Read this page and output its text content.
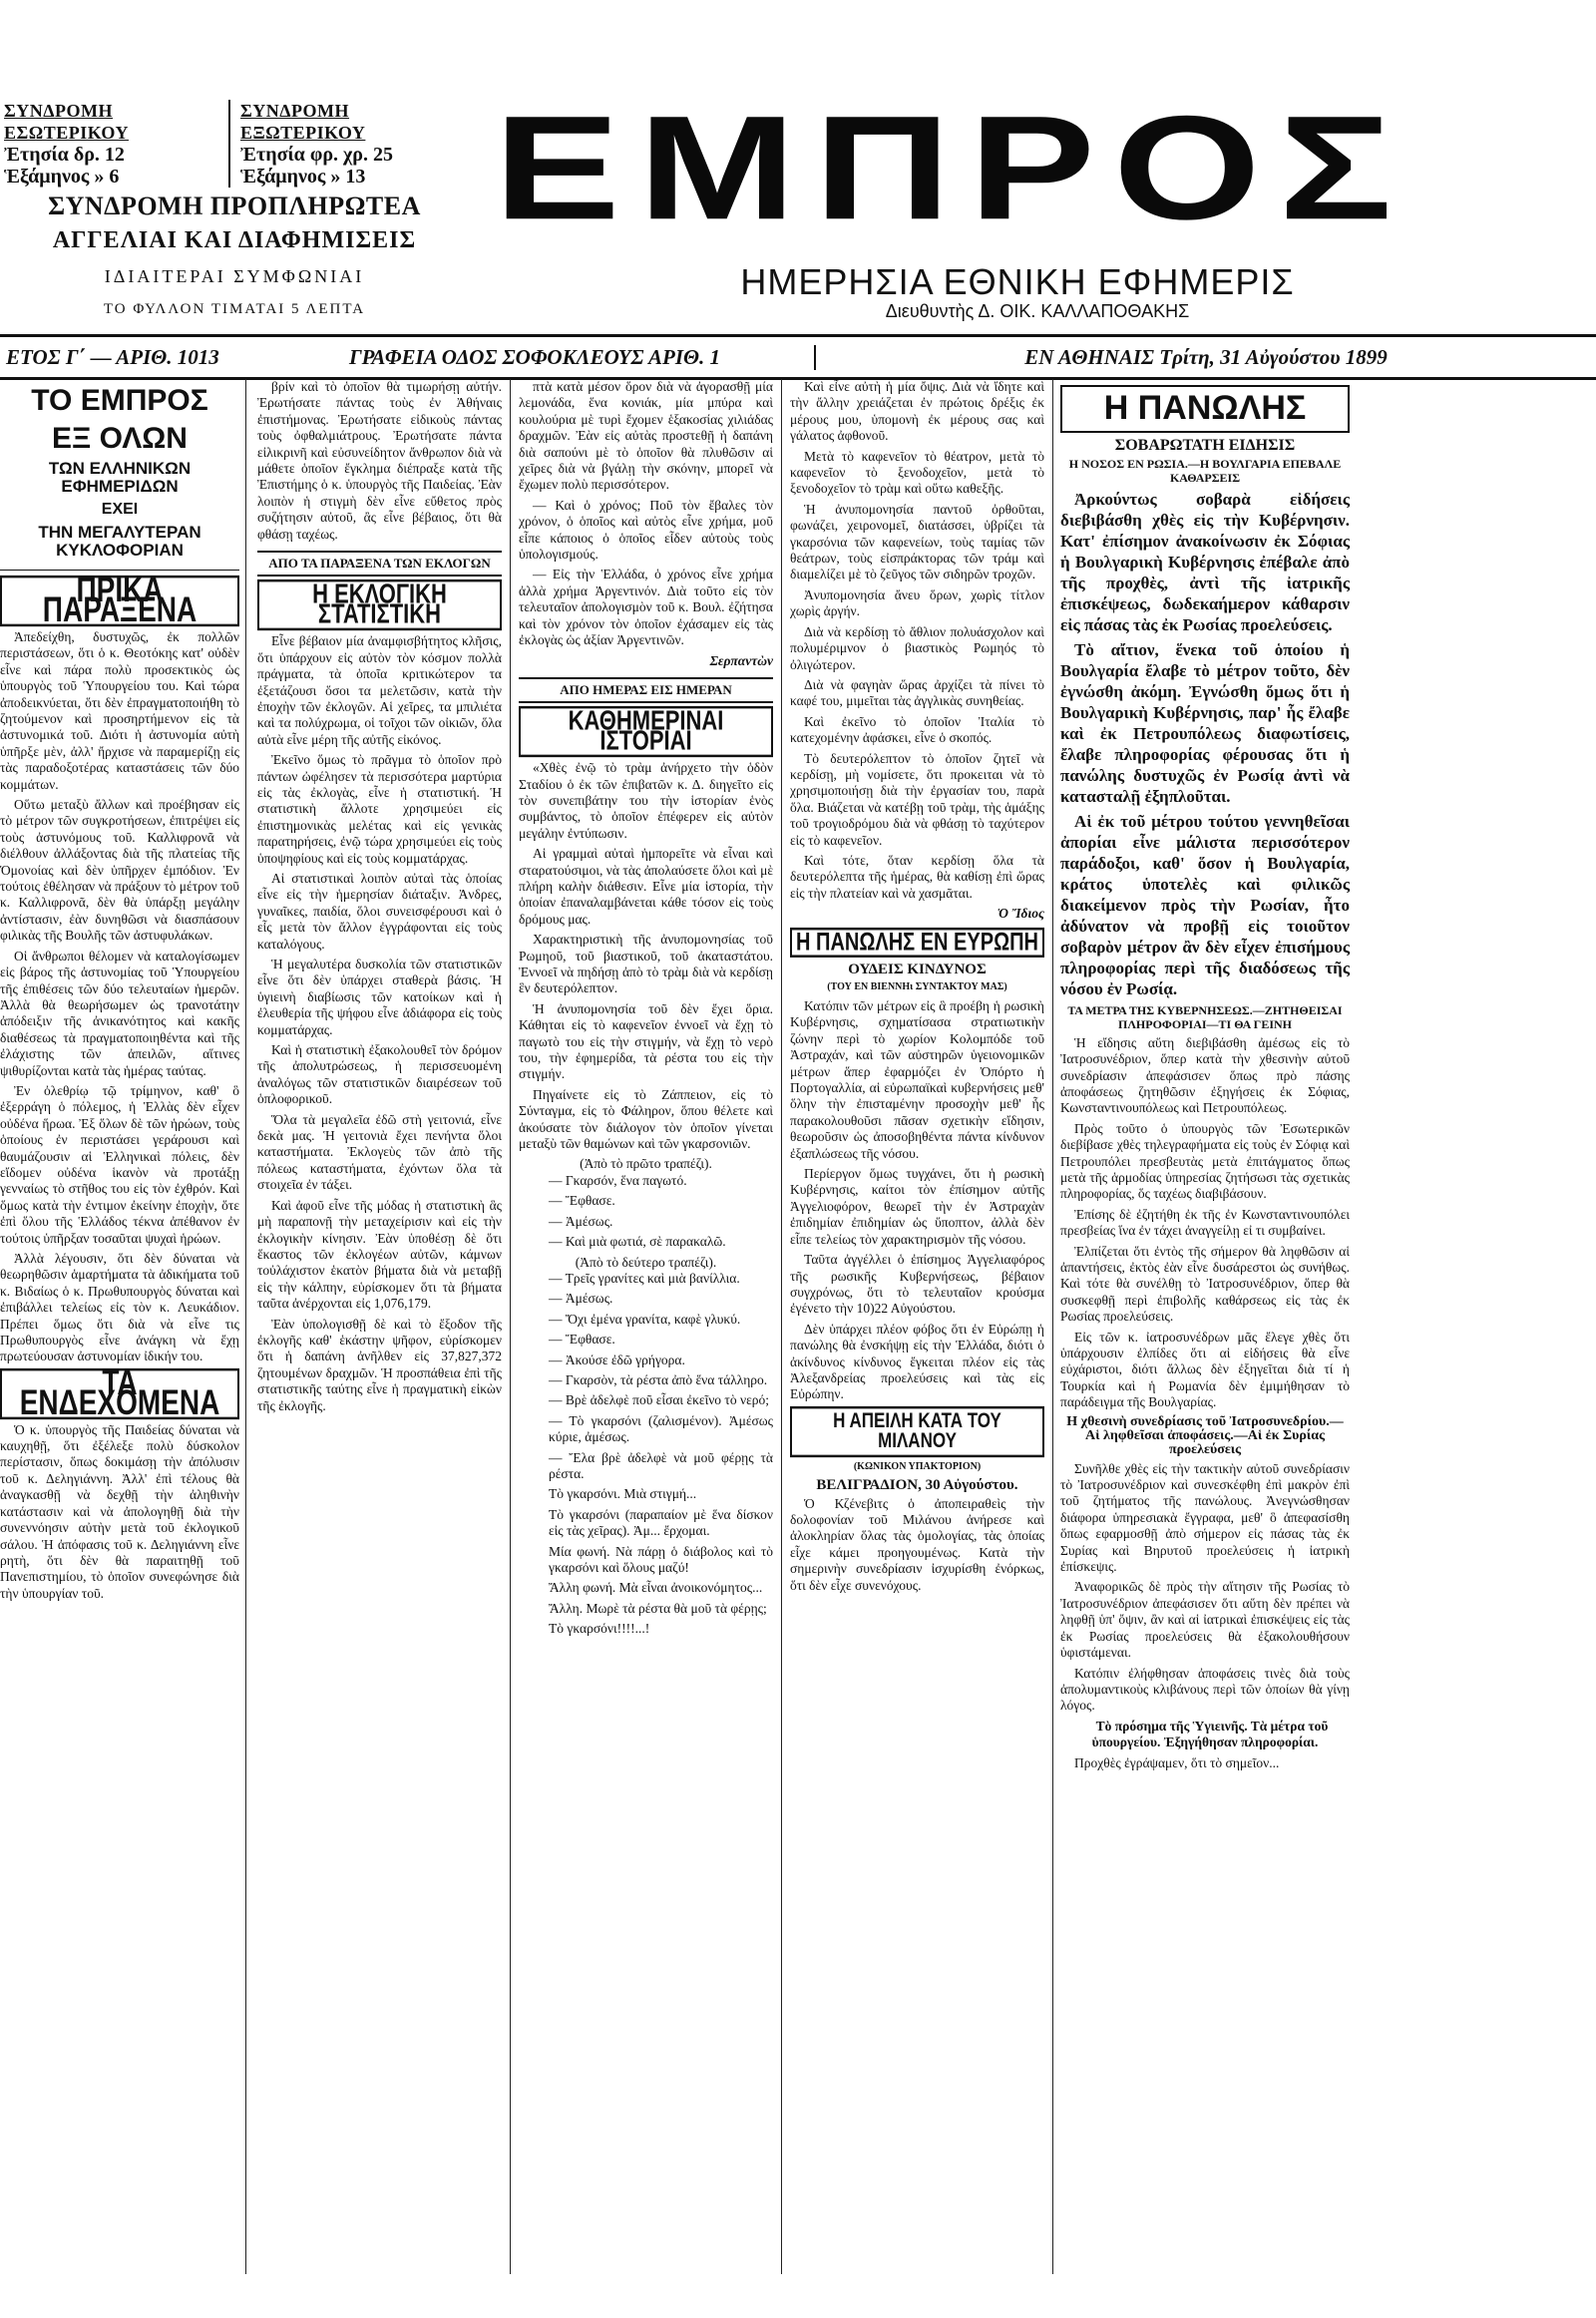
ΣΥΝΔΡΟΜΗ ΕΣΩΤΕΡΙΚΟΥ
Ἐτησία δρ. 12
Ἑξάμηνος » 6
ΣΥΝΔΡΟΜΗ ΕΞΩΤΕΡΙΚΟΥ
Ἐτησία φρ. χρ. 25
Ἑξάμηνος » 13
ΣΥΝΔΡΟΜΗ ΠΡΟΠΛΗΡΩΤΕΑ
ΑΓΓΕΛΙΑΙ ΚΑΙ ΔΙΑΦΗΜΙΣΕΙΣ
ΙΔΙΑΙΤΕΡΑΙ ΣΥΜΦΩΝΙΑΙ
ΤΟ ΦΥΛΛΟΝ ΤΙΜΑΤΑΙ 5 ΛΕΠΤΑ
ΕΜΠΡΟΣ
ΗΜΕΡΗΣΙΑ ΕΘΝΙΚΗ ΕΦΗΜΕΡΙΣ
Διευθυντὴς Δ. ΟΙΚ. ΚΑΛΛΑΠΟΘΑΚΗΣ
ΕΤΟΣ Γ΄ — ΑΡΙΘ. 1013	ΓΡΑΦΕΙΑ ΟΔΟΣ ΣΟΦΟΚΛΕΟΥΣ ΑΡΙΘ. 1	ΕΝ ΑΘΗΝΑΙΣ Τρίτη, 31 Αὐγούστου 1899
ΤΟ ΕΜΠΡΟΣ
ΕΞ ΟΛΩΝ
ΤΩΝ ΕΛΛΗΝΙΚΩΝ ΕΦΗΜΕΡΙΔΩΝ
ΕΧΕΙ
ΤΗΝ ΜΕΓΑΛΥΤΕΡΑΝ ΚΥΚΛΟΦΟΡΙΑΝ
ΠΡΙΚΑ ΠΑΡΑΞΕΝΑ

Ἀπεδείχθη, δυστυχῶς, ἐκ πολλῶν περιστάσεων, ὅτι ὁ κ. Θεοτόκης κατ' οὐδὲν εἶνε καὶ πάρα πολὺ προσεκτικὸς ὡς ὑπουργὸς τοῦ Ὑπουργείου του. Καὶ τώρα ἀποδεικνύεται, ὅτι δὲν ἐπραγματοποιήθη τὸ ζητούμενον καὶ προσηρτήμενον εἰς τὰ ἀστυνομικά τοῦ. Διότι ἡ ἀστυνομία αὐτὴ ὑπῆρξε μὲν, ἀλλ' ἤρχισε νὰ παραμερίζῃ εἰς τὰς παραδοξοτέρας καταστάσεις τῶν δύο κομμάτων.

Οὕτω μεταξὺ ἄλλων καὶ προέβησαν εἰς τὸ μέτρον τῶν συγκροτήσεων, ἐπιτρέψει εἰς τοὺς ἀστυνόμους τοῦ. Καλλιφρονᾶ νὰ διέλθουν ἀλλάξοντας διὰ τῆς πλατείας τῆς Ὁμονοίας καὶ δὲν ὑπῆρχεν ἐμπόδιον. Ἐν τούτοις ἐθέλησαν νὰ πράξουν τὸ μέτρον τοῦ κ. Καλλιφρονᾶ, δὲν θὰ ὑπάρξῃ μεγάλην ἀντίστασιν, ἐὰν δυνηθῶσι νὰ διασπάσουν φιλικὰς τῆς Βουλῆς τῶν ἀστυφυλάκων.

Οἱ ἄνθρωποι θέλομεν νὰ καταλογίσωμεν εἰς βάρος τῆς ἀστυνομίας τοῦ Ὑπουργείου τῆς ἐπιθέσεις τῶν δύο τελευταίων ἡμερῶν. Ἀλλὰ θὰ θεωρήσωμεν ὡς τρανοτάτην ἀπόδειξιν τῆς ἀνικανότητος καὶ κακῆς διαθέσεως τὰ πραγματοποιηθέντα καὶ τῆς ἐλάχιστης τῶν ἀπειλῶν, αἵτινες ψιθυρίζονται κατὰ τὰς ἡμέρας ταύτας.

Ἐν ὀλεθρίῳ τῷ τρίμηνον, καθ' ὃ ἐξερράγη ὁ πόλεμος, ἡ Ἑλλὰς δὲν εἶχεν οὐδένα ἥρωα. Ἐξ ὅλων δὲ τῶν ἡρώων, τοὺς ὁποίους ἐν περιστάσει γεράρουσι καὶ θαυμάζουσιν αἱ Ἑλληνικαὶ πόλεις, δὲν εἴδομεν οὐδένα ἱκανὸν νὰ προτάξῃ γενναίως τὸ στῆθος του εἰς τὸν ἐχθρόν. Καὶ ὅμως κατὰ τὴν ἐντιμον ἐκείνην ἐποχὴν, ὅτε ἐπὶ ὅλου τῆς Ἑλλάδος τέκνα ἀπέθανον ἐν τούτοις ὑπῆρξαν τοσαῦται ψυχαὶ ἡρώων.

Ἀλλὰ λέγουσιν, ὅτι δὲν δύναται νὰ θεωρηθῶσιν ἁμαρτήματα τὰ ἀδικήματα τοῦ κ. Βιδαίως ὁ κ. Πρωθυπουργὸς δύναται καὶ ἐπιβάλλει τελείως εἰς τὸν κ. Λευκάδιον. Πρέπει ὅμως ὅτι διὰ νὰ εἶνε τις Πρωθυπουργὸς εἶνε ἀνάγκη νὰ ἔχῃ πρωτεύουσαν ἀστυνομίαν ἰδικήν του.

ΤΑ ΕΝΔΕΧΟΜΕΝΑ

Ὁ κ. ὑπουργὸς τῆς Παιδείας δύναται νὰ καυχηθῇ, ὅτι ἐξέλεξε πολὺ δύσκολον περίστασιν, ὅπως δοκιμάσῃ τὴν ἀπόλυσιν τοῦ κ. Δεληγιάννη. Ἀλλ' ἐπὶ τέλους θὰ ἀναγκασθῇ νὰ δεχθῇ τὴν ἀληθινὴν κατάστασιν καὶ νὰ ἀπολογηθῇ διὰ τὴν συνεννόησιν αὐτὴν μετὰ τοῦ ἐκλογικοῦ σάλου. Ἡ ἀπόφασις τοῦ κ. Δεληγιάννη εἶνε ρητὴ, ὅτι δὲν θὰ παραιτηθῇ τοῦ Πανεπιστημίου, τὸ ὁποῖον συνεφώνησε διὰ τὴν ὑπουργίαν τοῦ.

βρίν καὶ τὸ ὁποῖον θὰ τιμωρήσῃ αὐτήν. Ἐρωτήσατε πάντας τοὺς ἐν Ἀθήναις ἐπιστήμονας. Ἐρωτήσατε εἰδικοὺς πάντας τοὺς ὀφθαλμιάτρους. Ἐρωτήσατε πάντα εἰλικρινῆ καὶ εὐσυνείδητον ἄνθρωπον διὰ νὰ μάθετε ὁποῖον ἔγκλημα διέπραξε κατὰ τῆς Ἐπιστήμης ὁ κ. ὑπουργὸς τῆς Παιδείας. Ἐὰν λοιπὸν ἡ στιγμὴ δὲν εἶνε εὔθετος πρὸς συζήτησιν αὐτοῦ, ἂς εἶνε βέβαιος, ὅτι θὰ φθάσῃ ταχέως.

ΑΠΟ ΤΑ ΠΑΡΑΞΕΝΑ ΤΩΝ ΕΚΛΟΓΩΝ
Η ΕΚΛΟΓΙΚΗ ΣΤΑΤΙΣΤΙΚΗ

Εἶνε βέβαιον μία ἀναμφισβήτητος κλῆσις, ὅτι ὑπάρχουν εἰς αὐτὸν τὸν κόσμον πολλὰ πράγματα, τὰ ὁποῖα κριτικώτερον τα ἐξετάζουσι ὅσοι τα μελετῶσιν, κατὰ τὴν ἐποχὴν τῶν ἐκλογῶν. Αἱ χεῖρες, τα μπιλιέτα καὶ τα πολύχρωμα, οἱ τοῖχοι τῶν οἰκιῶν, ὅλα αὐτὰ εἶνε μέρη τῆς αὐτῆς εἰκόνος.

Ἐκεῖνο ὅμως τὸ πρᾶγμα τὸ ὁποῖον πρὸ πάντων ὠφέλησεν τὰ περισσότερα μαρτύρια εἰς τὰς ἐκλογὰς, εἶνε ἡ στατιστική. Ἡ στατιστικὴ ἄλλοτε χρησιμεύει εἰς ἐπιστημονικὰς μελέτας καὶ εἰς γενικὰς παρατηρήσεις, ἐνῷ τώρα χρησιμεύει εἰς τοὺς ὑποψηφίους καὶ εἰς τοὺς κομματάρχας.

Αἱ στατιστικαὶ λοιπὸν αὐταὶ τὰς ὁποίας εἶνε εἰς τὴν ἡμερησίαν διάταξιν. Ἀνδρες, γυναῖκες, παιδία, ὅλοι συνεισφέρουσι καὶ ὁ εἷς μετὰ τὸν ἄλλον ἐγγράφονται εἰς τοὺς καταλόγους.

Ἡ μεγαλυτέρα δυσκολία τῶν στατιστικῶν εἶνε ὅτι δὲν ὑπάρχει σταθερὰ βάσις. Ἡ ὑγιεινὴ διαβίωσις τῶν κατοίκων καὶ ἡ ἐλευθερία τῆς ψήφου εἶνε ἀδιάφορα εἰς τοὺς κομματάρχας.

Καὶ ἡ στατιστικὴ ἐξακολουθεῖ τὸν δρόμον τῆς ἀπολυτρώσεως, ἡ περισσευομένη ἀναλόγως τῶν στατιστικῶν διαιρέσεων τοῦ ὁπλοφορικοῦ.

Ὅλα τὰ μεγαλεῖα ἐδῶ στὴ γειτονιά, εἶνε δεκὰ μας. Ἡ γειτονιὰ ἔχει πενήντα ὅλοι καταστήματα. Ἐκλογεὺς τῶν ἀπὸ τῆς πόλεως καταστήματα, ἐχόντων ὅλα τὰ στοιχεῖα ἐν τάξει.

Καὶ ἀφοῦ εἶνε τῆς μόδας ἡ στατιστικὴ ἃς μὴ παραπονῇ τὴν μεταχείρισιν καὶ εἰς τὴν ἐκλογικὴν κίνησιν. Ἐὰν ὑποθέσῃ δὲ ὅτι ἕκαστος τῶν ἐκλογέων αὐτῶν, κάμνων τοὐλάχιστον ἑκατὸν βήματα διὰ νὰ μεταβῇ εἰς τὴν κάλπην, εὑρίσκομεν ὅτι τὰ βήματα ταῦτα ἀνέρχονται εἰς 1,076,179.

Ἐὰν ὑπολογισθῇ δὲ καὶ τὸ ἔξοδον τῆς ἐκλογῆς καθ' ἑκάστην ψῆφον, εὑρίσκομεν ὅτι ἡ δαπάνη ἀνῆλθεν εἰς 37,827,372 ζητουμένων δραχμῶν. Ἡ προσπάθεια ἐπὶ τῆς στατιστικῆς ταύτης εἶνε ἡ πραγματικὴ εἰκὼν τῆς ἐκλογῆς.

πτὰ κατὰ μέσον ὅρον διὰ νὰ ἀγορασθῇ μία λεμονάδα, ἕνα κονιάκ, μία μπύρα καὶ κουλούρια μὲ τυρὶ ἔχομεν ἑξακοσίας χιλιάδας δραχμῶν. Ἐὰν εἰς αὐτὰς προστεθῇ ἡ δαπάνη διὰ σαπούνι μὲ τὸ ὁποῖον θὰ πλυθῶσιν αἱ χεῖρες διὰ νὰ βγάλῃ τὴν σκόνην, μπορεῖ νὰ ἔχωμεν πολὺ περισσότερον.

— Καὶ ὁ χρόνος; Ποῦ τὸν ἔβαλες τὸν χρόνον, ὁ ὁποῖος καὶ αὐτὸς εἶνε χρήμα, μοῦ εἶπε κάποιος ὁ ὁποῖος εἶδεν αὐτοὺς τοὺς ὑπολογισμούς.

— Εἰς τὴν Ἑλλάδα, ὁ χρόνος εἶνε χρήμα ἀλλὰ χρήμα Ἀργεντινόν. Διὰ τοῦτο εἰς τὸν τελευταῖον ἀπολογισμὸν τοῦ κ. Βουλ. ἐζήτησα καὶ τὸν χρόνον τὸν ὁποῖον ἐχάσαμεν εἰς τὰς ἐκλογὰς ὡς ἀξίαν Ἀργεντινῶν.

Σερπαντὼν
ΑΠΟ ΗΜΕΡΑΣ ΕΙΣ ΗΜΕΡΑΝ
ΚΑΘΗΜΕΡΙΝΑΙ ΙΣΤΟΡΙΑΙ

«Χθὲς ἐνῷ τὸ τρὰμ ἀνήρχετο τὴν ὁδὸν Σταδίου ὁ ἐκ τῶν ἐπιβατῶν κ. Δ. διηγεῖτο εἰς τὸν συνεπιβάτην του τὴν ἱστορίαν ἑνὸς συμβάντος, τὸ ὁποῖον ἐπέφερεν εἰς αὐτὸν μεγάλην ἐντύπωσιν.

Αἱ γραμμαὶ αὐταὶ ἠμπορεῖτε νὰ εἶναι καὶ σταρατούσιμοι, νὰ τὰς ἀπολαύσετε ὅλοι καὶ μὲ πλήρη καλὴν διάθεσιν. Εἶνε μία ἱστορία, τὴν ὁποίαν ἐπαναλαμβάνεται κάθε τόσον εἰς τοὺς δρόμους μας.

Χαρακτηριστικὴ τῆς ἀνυπομονησίας τοῦ Ρωμηοῦ, τοῦ βιαστικοῦ, τοῦ ἀκαταστάτου. Ἐννοεῖ νὰ πηδήσῃ ἀπὸ τὸ τρὰμ διὰ νὰ κερδίσῃ ἓν δευτερόλεπτον.

Ἡ ἀνυπομονησία τοῦ δὲν ἔχει ὅρια. Κάθηται εἰς τὸ καφενεῖον ἐννοεῖ νὰ ἔχῃ τὸ παγωτὸ του εἰς τὴν στιγμήν, νὰ ἔχῃ τὸ νερὸ του, τὴν ἐφημερίδα, τὰ ρέστα του εἰς τὴν στιγμήν.

Πηγαίνετε εἰς τὸ Ζάππειον, εἰς τὸ Σύνταγμα, εἰς τὸ Φάληρον, ὅπου θέλετε καὶ ἀκούσατε τὸν διάλογον τὸν ὁποῖον γίνεται μεταξὺ τῶν θαμώνων καὶ τῶν γκαρσονιῶν.

(Ἀπὸ τὸ πρῶτο τραπέζι).

— Γκαρσόν, ἕνα παγωτό.

— Ἔφθασε.

— Ἀμέσως.

— Καὶ μιὰ φωτιά, σὲ παρακαλῶ.

(Ἀπὸ τὸ δεύτερο τραπέζι).

— Τρεῖς γρανίτες καὶ μιὰ βανίλλια.

— Ἀμέσως.

— Ὄχι ἐμένα γρανίτα, καφὲ γλυκύ.

— Ἔφθασε.

— Ἀκούσε ἐδῶ γρήγορα.

— Γκαρσὸν, τὰ ρέστα ἀπὸ ἕνα τάλληρο.

— Βρὲ ἀδελφὲ ποῦ εἶσαι ἐκεῖνο τὸ νερό;

— Τὸ γκαρσόνι (ζαλισμένον). Ἀμέσως κύριε, ἀμέσως.

— Ἔλα βρὲ ἀδελφὲ νὰ μοῦ φέρῃς τὰ ρέστα.

Τὸ γκαρσόνι. Μιὰ στιγμή...

Τὸ γκαρσόνι (παραπαίον μὲ ἕνα δίσκον εἰς τὰς χεῖρας). Ἀμ... ἔρχομαι.

Μία φωνή. Νὰ πάρῃ ὁ διάβολος καὶ τὸ γκαρσόνι καὶ ὅλους μαζύ!

Ἄλλη φωνή. Μὰ εἶναι ἀνοικονόμητος...

Ἄλλη. Μωρὲ τὰ ρέστα θὰ μοῦ τὰ φέρῃς;

Τὸ γκαρσόνι!!!!...!

Καὶ εἶνε αὐτὴ ἡ μία ὄψις. Διὰ νὰ ἴδητε καὶ τὴν ἄλλην χρειάζεται ἐν πρώτοις δρέξις ἐκ μέρους μου, ὑπομονὴ ἐκ μέρους σας καὶ γάλατος ἀφθονοῦ.

Μετὰ τὸ καφενεῖον τὸ θέατρον, μετὰ τὸ καφενεῖον τὸ ξενοδοχεῖον, μετὰ τὸ ξενοδοχεῖον τὸ τρὰμ καὶ οὕτω καθεξῆς.

Ἡ ἀνυπομονησία παντοῦ ὀρθοῦται, φωνάζει, χειρονομεῖ, διατάσσει, ὑβρίζει τὰ γκαρσόνια τῶν καφενείων, τοὺς ταμίας τῶν θεάτρων, τοὺς εἰσπράκτορας τῶν τράμ καὶ διαμελίζει μὲ τὸ ζεῦγος τῶν σιδηρῶν τροχῶν.

Ἀνυπομονησία ἄνευ ὅρων, χωρὶς τίτλον χωρὶς ἀργήν.

Διὰ νὰ κερδίσῃ τὸ ἄθλιον πολυάσχολον καὶ πολυμέριμνον ὁ βιαστικὸς Ρωμηός τὸ ὀλιγώτερον.

Διὰ νὰ φαγηὰν ὥρας ἀρχίζει τὰ πίνει τὸ καφέ του, μιμεῖται τὰς ἀγγλικὰς συνηθείας.

Καὶ ἐκεῖνο τὸ ὁποῖον Ἰταλία τὸ κατεχομένην ἀφάσκει, εἶνε ὁ σκοπός.

Τὸ δευτερόλεπτον τὸ ὁποῖον ζητεῖ νὰ κερδίσῃ, μὴ νομίσετε, ὅτι προκειται νὰ τὸ χρησιμοποιήσῃ διὰ τὴν ἐργασίαν του, παρὰ ὅλα. Βιάζεται νὰ κατέβῃ τοῦ τρὰμ, τὴς ἁμάξης τοῦ τρογιοδρόμου διὰ νὰ φθάσῃ τὸ ταχύτερον εἰς τὸ καφενεῖον.

Καὶ τότε, ὅταν κερδίσῃ ὅλα τὰ δευτερόλεπτα τῆς ἡμέρας, θὰ καθίσῃ ἐπὶ ὥρας εἰς τὴν πλατείαν καὶ νὰ χασμᾶται.

Ὁ Ἴδιος
Η ΠΑΝΩΛΗΣ ΕΝ ΕΥΡΩΠΗ
ΟΥΔΕΙΣ ΚΙΝΔΥΝΟΣ
(ΤΟΥ ΕΝ ΒΙΕΝΝΗι ΣΥΝΤΑΚΤΟΥ ΜΑΣ)

Κατόπιν τῶν μέτρων εἰς ἃ προέβη ἡ ρωσικὴ Κυβέρνησις, σχηματίσασα στρατιωτικὴν ζώνην περὶ τὸ χωρίον Κολομπόδε τοῦ Ἀστραχάν, καὶ τῶν αὐστηρῶν ὑγειονομικῶν μέτρων ἅπερ ἐφαρμόζει ἐν Ὀπόρτο ἡ Πορτογαλλία, αἱ εὐρωπαϊκαὶ κυβερνήσεις μεθ' ὅλην τὴν ἐπισταμένην προσοχὴν μεθ' ἧς παρακολουθοῦσι πᾶσαν σχετικὴν εἴδησιν, θεωροῦσιν ὡς ἀποσοβηθέντα πάντα κίνδυνον ἐξαπλώσεως τῆς νόσου.

Περίεργον ὅμως τυγχάνει, ὅτι ἡ ρωσικὴ Κυβέρνησις, καίτοι τὸν ἐπίσημον αὐτῆς Ἀγγελιοφόρον, θεωρεῖ τὴν ἐν Ἀστραχὰν ἐπιδημίαν ἐπιδημίαν ὡς ὕποπτον, ἀλλὰ δὲν εἶπε τελείως τὸν χαρακτηρισμὸν τῆς νόσου.

Ταῦτα ἀγγέλλει ὁ ἐπίσημος Ἀγγελιαφόρος τῆς ρωσικῆς Κυβερνήσεως, βέβαιον συγχρόνως, ὅτι τὸ τελευταῖον κρούσμα ἐγένετο τὴν 10)22 Αὐγούστου.

Δὲν ὑπάρχει πλέον φόβος ὅτι ἐν Εὐρώπῃ ἡ πανώλης θὰ ἐνσκήψῃ εἰς τὴν Ἑλλάδα, διότι ὁ ἀκίνδυνος κίνδυνος ἔγκειται πλέον εἰς τὰς Ἀλεξανδρείας προελεύσεις καὶ τὰς εἰς Εὐρώπην.

Η ΑΠΕΙΛΗ ΚΑΤΑ ΤΟΥ ΜΙΛΑΝΟΥ
(ΚΩΝΙΚΟΝ ΥΠΑΚΤΟΡΙΟΝ)
ΒΕΛΙΓΡΑΔΙΟΝ, 30 Αὐγούστου.

Ὁ Κζένεβιτς ὁ ἀποπειραθεὶς τὴν δολοφονίαν τοῦ Μιλάνου ἀνήρεσε καὶ ἀλοκληρίαν ὅλας τὰς ὁμολογίας, τὰς ὁποίας εἶχε κάμει προηγουμένως. Κατὰ τὴν σημερινὴν συνεδρίασιν ἰσχυρίσθη ἐνόρκως, ὅτι δὲν εἶχε συνενόχους.

Η ΠΑΝΩΛΗΣ
ΣΟΒΑΡΩΤΑΤΗ ΕΙΔΗΣΙΣ
Η ΝΟΣΟΣ ΕΝ ΡΩΣΙΑ.—Η ΒΟΥΛΓΑΡΙΑ ΕΠΕΒΑΛΕ ΚΑΘΑΡΣΕΙΣ

Ἀρκούντως σοβαρὰ εἰδήσεις διεβιβάσθη χθὲς εἰς τὴν Κυβέρνησιν. Κατ' ἐπίσημον ἀνακοίνωσιν ἐκ Σόφιας ἡ Βουλγαρικὴ Κυβέρνησις ἐπέβαλε ἀπὸ τῆς προχθὲς, ἀντὶ τῆς ἰατρικῆς ἐπισκέψεως, δωδεκαήμερον κάθαρσιν εἰς πάσας τὰς ἐκ Ρωσίας προελεύσεις.

Τὸ αἴτιον, ἕνεκα τοῦ ὁποίου ἡ Βουλγαρία ἔλαβε τὸ μέτρον τοῦτο, δὲν ἐγνώσθη ἀκόμη. Ἐγνώσθη ὅμως ὅτι ἡ Βουλγαρικὴ Κυβέρνησις, παρ' ἧς ἔλαβε καὶ ἐκ Πετρουπόλεως διαφωτίσεις, ἔλαβε πληροφορίας φέρουσας ὅτι ἡ πανώλης δυστυχῶς ἐν Ρωσίᾳ ἀντὶ νὰ κατασταλῇ ἐξηπλοῦται.

Αἱ ἐκ τοῦ μέτρου τούτου γεννηθεῖσαι ἀπορίαι εἶνε μάλιστα περισσότερον παράδοξοι, καθ' ὅσον ἡ Βουλγαρία, κράτος ὑποτελὲς καὶ φιλικῶς διακείμενον πρὸς τὴν Ρωσίαν, ἦτο ἀδύνατον νὰ προβῇ εἰς τοιοῦτον σοβαρὸν μέτρον ἂν δὲν εἶχεν ἐπισήμους πληροφορίας περὶ τῆς διαδόσεως τῆς νόσου ἐν Ρωσίᾳ.

ΤΑ ΜΕΤΡΑ ΤΗΣ ΚΥΒΕΡΝΗΣΕΩΣ.—ΖΗΤΗΘΕΙΣΑΙ ΠΛΗΡΟΦΟΡΙΑΙ—ΤΙ ΘΑ ΓΕΙΝΗ

Ἡ εἴδησις αὕτη διεβιβάσθη ἀμέσως εἰς τὸ Ἰατροσυνέδριον, ὅπερ κατὰ τὴν χθεσινὴν αὐτοῦ συνεδρίασιν ἀπεφάσισεν ὅπως πρὸ πάσης ἀποφάσεως ζητηθῶσιν ἐξηγήσεις ἐκ Σόφιας, Κωνσταντινουπόλεως καὶ Πετρουπόλεως.

Πρὸς τοῦτο ὁ ὑπουργὸς τῶν Ἐσωτερικῶν διεβίβασε χθὲς τηλεγραφήματα εἰς τοὺς ἐν Σόφιᾳ καὶ Πετρουπόλει πρεσβευτὰς μετὰ ἐπιτάγματος ὅπως μετὰ τῆς ἁρμοδίας ὑπηρεσίας ζητήσωσι τὰς σχετικὰς πληροφορίας, ὅς ταχέως διαβιβάσουν.

Ἐπίσης δὲ ἐζητήθη ἐκ τῆς ἐν Κωνσταντινουπόλει πρεσβείας ἵνα ἐν τάχει ἀναγγείλῃ εἰ τι συμβαίνει.

Ἐλπίζεται ὅτι ἐντὸς τῆς σήμερον θὰ ληφθῶσιν αἱ ἀπαντήσεις, ἐκτὸς ἐὰν εἶνε δυσάρεστοι ὡς συνήθως. Καὶ τότε θὰ συνέλθῃ τὸ Ἰατροσυνέδριον, ὅπερ θὰ συσκεφθῇ περὶ ἐπιβολῆς καθάρσεως εἰς τὰς ἐκ Ρωσίας προελεύσεις.

Εἰς τῶν κ. ἰατροσυνέδρων μᾶς ἔλεγε χθὲς ὅτι ὑπάρχουσιν ἐλπίδες ὅτι αἱ εἰδήσεις θὰ εἶνε εὐχάριστοι, διότι ἄλλως δὲν ἐξηγεῖται διὰ τί ἡ Τουρκία καὶ ἡ Ρωμανία δὲν ἐμιμήθησαν τὸ παράδειγμα τῆς Βουλγαρίας.

Η χθεσινὴ συνεδρίασις τοῦ Ἰατροσυνεδρίου.—Αἱ ληφθεῖσαι ἀποφάσεις.—Αἱ ἐκ Συρίας προελεύσεις

Συνῆλθε χθὲς εἰς τὴν τακτικὴν αὐτοῦ συνεδρίασιν τὸ Ἰατροσυνέδριον καὶ συνεσκέφθη ἐπὶ μακρὸν ἐπὶ τοῦ ζητήματος τῆς πανώλους. Ἀνεγνώσθησαν διάφορα ὑπηρεσιακὰ ἔγγραφα, μεθ' ὃ ἀπεφασίσθη ὅπως εφαρμοσθῇ ἀπὸ σήμερον εἰς πάσας τὰς ἐκ Συρίας καὶ Βηρυτοῦ προελεύσεις ἡ ἰατρικὴ ἐπίσκεψις.

Ἀναφορικῶς δὲ πρὸς τὴν αἴτησιν τῆς Ρωσίας τὸ Ἰατροσυνέδριον ἀπεφάσισεν ὅτι αὕτη δὲν πρέπει νὰ ληφθῇ ὑπ' ὄψιν, ἂν καὶ αἱ ἰατρικαὶ ἐπισκέψεις εἰς τὰς ἐκ Ρωσίας προελεύσεις θὰ ἐξακολουθήσουν ὑφιστάμεναι.

Κατόπιν ἐλήφθησαν ἀποφάσεις τινὲς διὰ τοὺς ἀπολυμαντικοὺς κλιβάνους περὶ τῶν ὁποίων θὰ γίνῃ λόγος.

Τὸ πρόσημα τῆς Ὑγιεινῆς. Τὰ μέτρα τοῦ ὑπουργείου. Ἐξηγήθησαν πληροφορίαι.

Προχθὲς ἐγράψαμεν, ὅτι τὸ σημεῖον...
